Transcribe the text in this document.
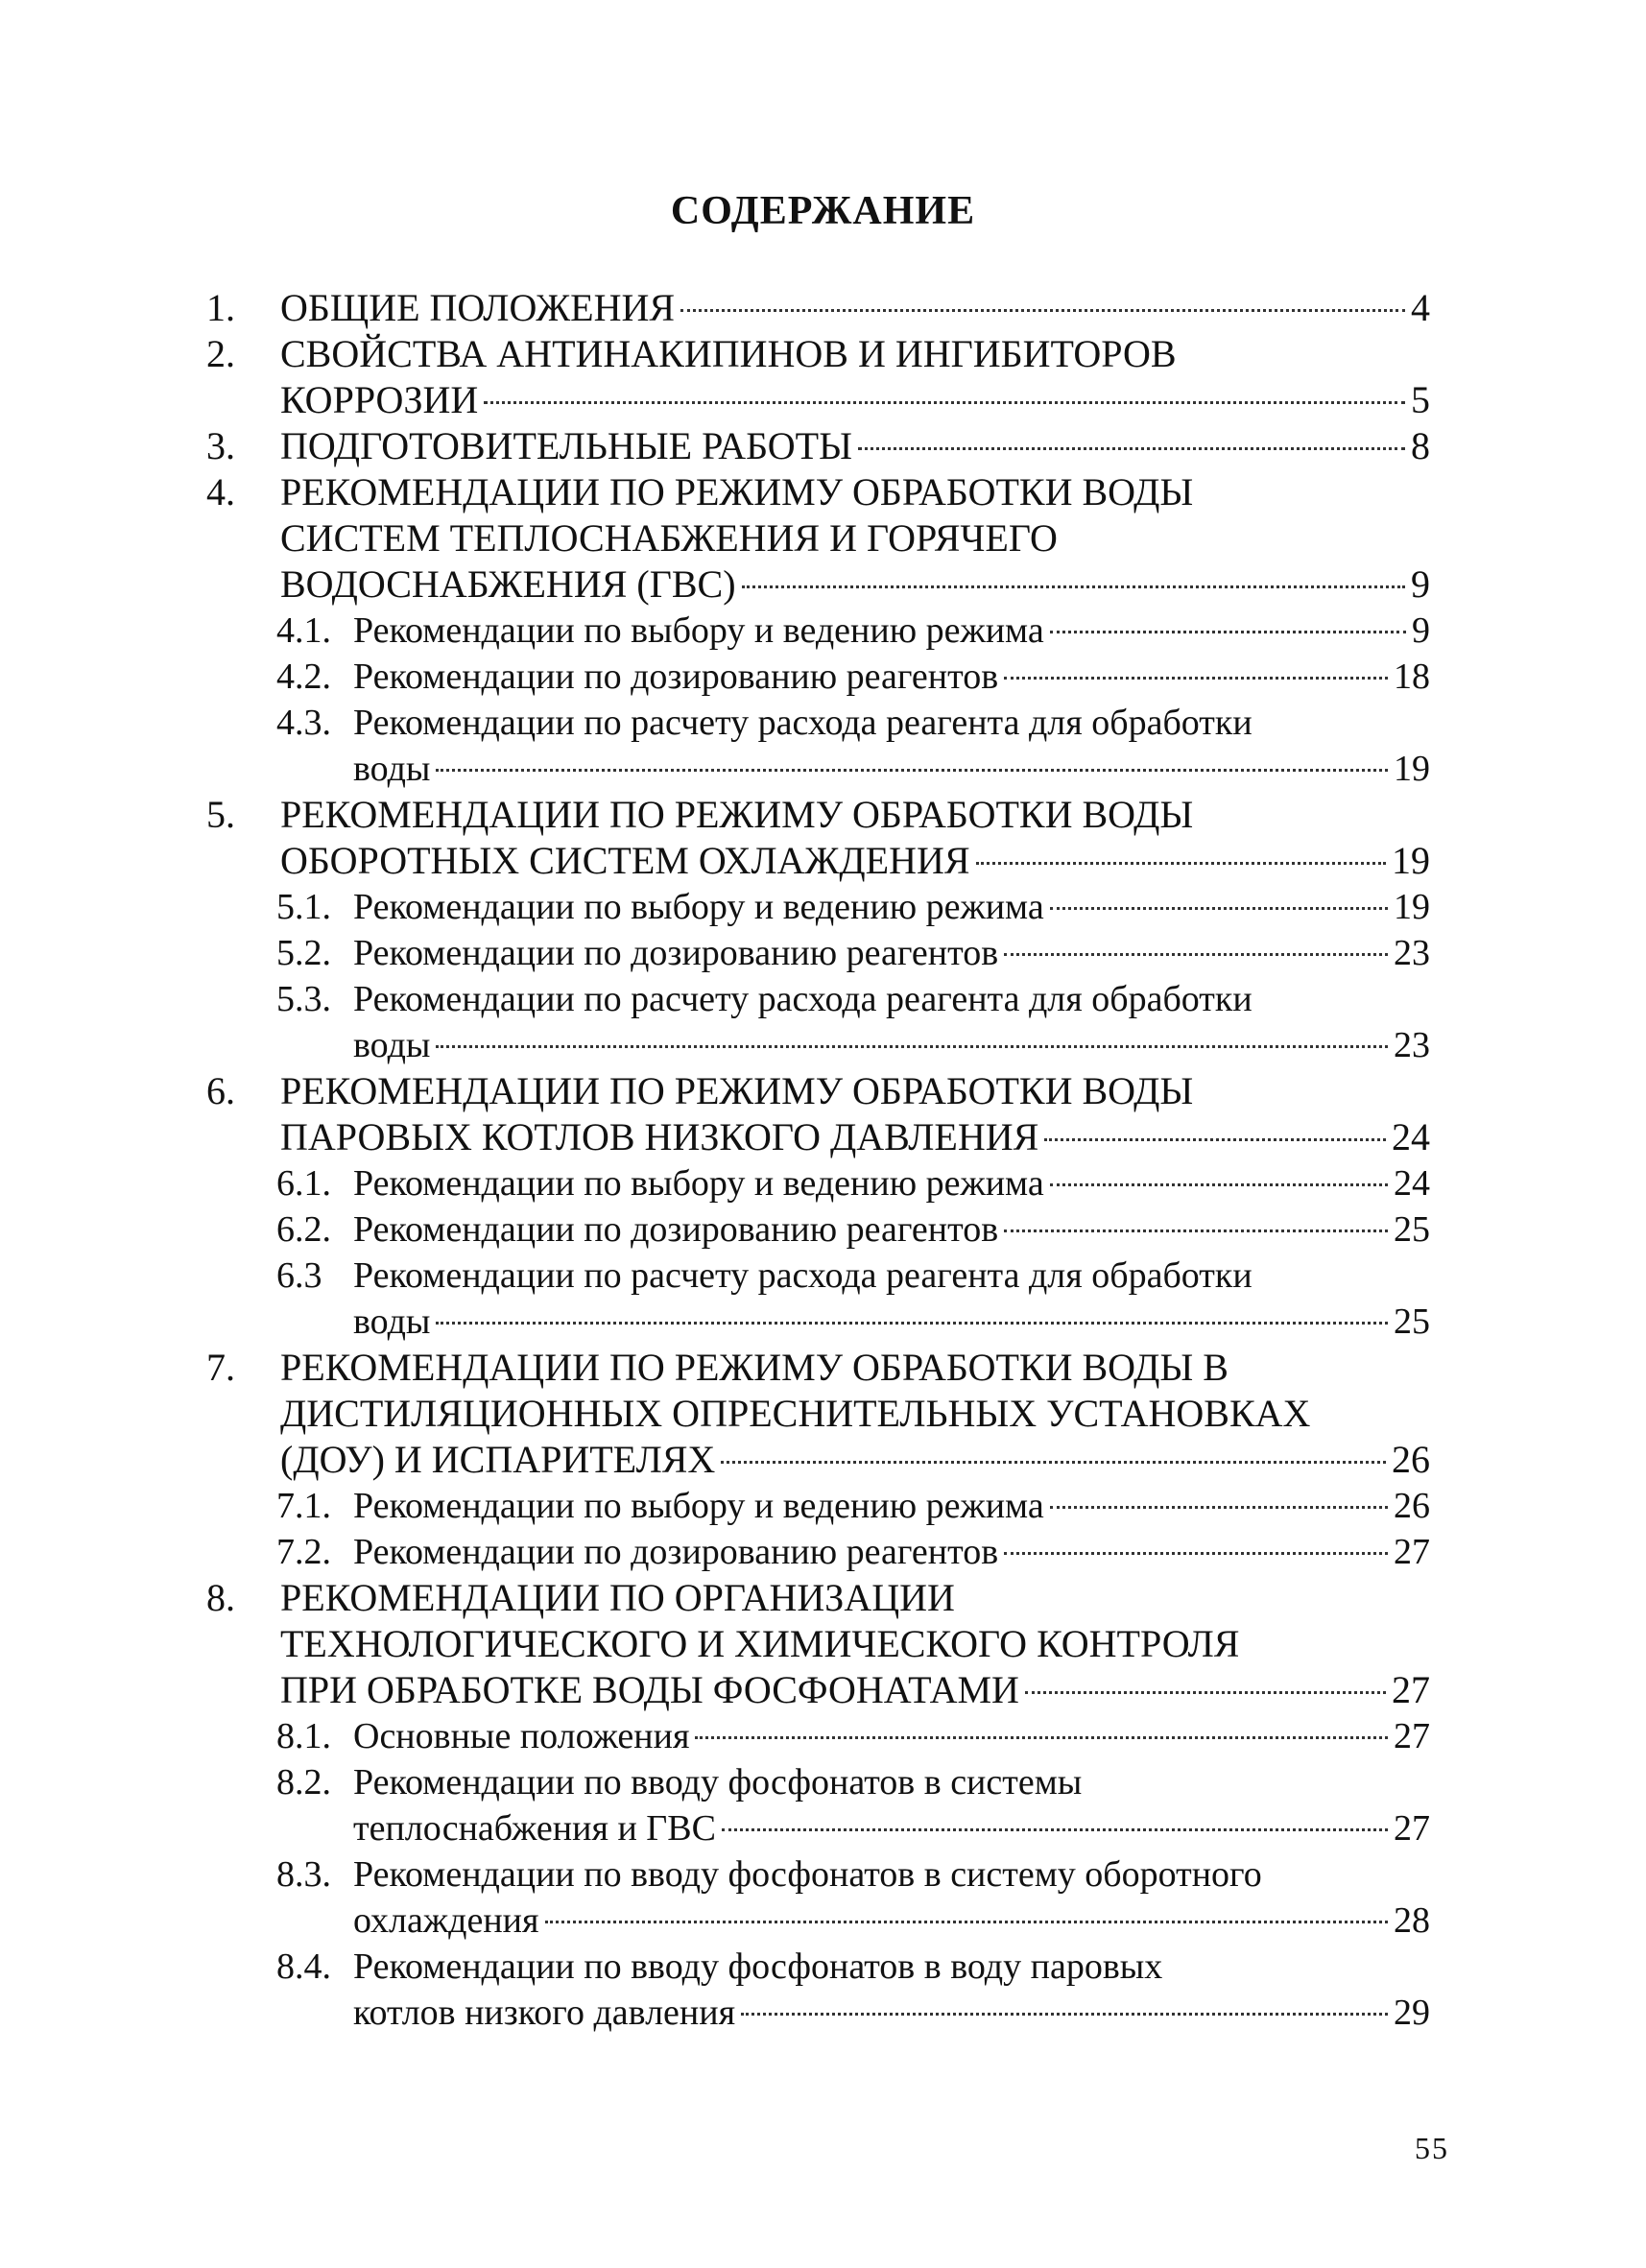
СОДЕРЖАНИЕ
1. ОБЩИЕ ПОЛОЖЕНИЯ	4
2. СВОЙСТВА АНТИНАКИПИНОВ И ИНГИБИТОРОВ
КОРРОЗИИ	5
3. ПОДГОТОВИТЕЛЬНЫЕ РАБОТЫ	8
4. РЕКОМЕНДАЦИИ ПО РЕЖИМУ ОБРАБОТКИ ВОДЫ
СИСТЕМ ТЕПЛОСНАБЖЕНИЯ И ГОРЯЧЕГО
ВОДОСНАБЖЕНИЯ (ГВС)	9
4.1. Рекомендации по выбору и ведению режима	9
4.2. Рекомендации по дозированию реагентов	18
4.3. Рекомендации по расчету расхода реагента для обработки
воды	19
5. РЕКОМЕНДАЦИИ ПО РЕЖИМУ ОБРАБОТКИ ВОДЫ
ОБОРОТНЫХ СИСТЕМ ОХЛАЖДЕНИЯ	19
5.1. Рекомендации по выбору и ведению режима	19
5.2. Рекомендации по дозированию реагентов	23
5.3. Рекомендации по расчету расхода реагента для обработки
воды	23
6. РЕКОМЕНДАЦИИ ПО РЕЖИМУ ОБРАБОТКИ ВОДЫ
ПАРОВЫХ КОТЛОВ НИЗКОГО ДАВЛЕНИЯ	24
6.1. Рекомендации по выбору и ведению режима	24
6.2. Рекомендации по дозированию реагентов	25
6.3 Рекомендации по расчету расхода реагента для обработки
воды	25
7. РЕКОМЕНДАЦИИ ПО РЕЖИМУ ОБРАБОТКИ ВОДЫ В
ДИСТИЛЯЦИОННЫХ ОПРЕСНИТЕЛЬНЫХ УСТАНОВКАХ
(ДОУ) И ИСПАРИТЕЛЯХ	26
7.1. Рекомендации по выбору и ведению режима	26
7.2. Рекомендации по дозированию реагентов	27
8. РЕКОМЕНДАЦИИ ПО ОРГАНИЗАЦИИ
ТЕХНОЛОГИЧЕСКОГО И ХИМИЧЕСКОГО КОНТРОЛЯ
ПРИ ОБРАБОТКЕ ВОДЫ ФОСФОНАТАМИ	27
8.1. Основные положения	27
8.2. Рекомендации по вводу фосфонатов в системы
теплоснабжения и ГВС	27
8.3. Рекомендации по вводу фосфонатов в систему оборотного
охлаждения	28
8.4. Рекомендации по вводу фосфонатов в воду паровых
котлов низкого давления	29
55
